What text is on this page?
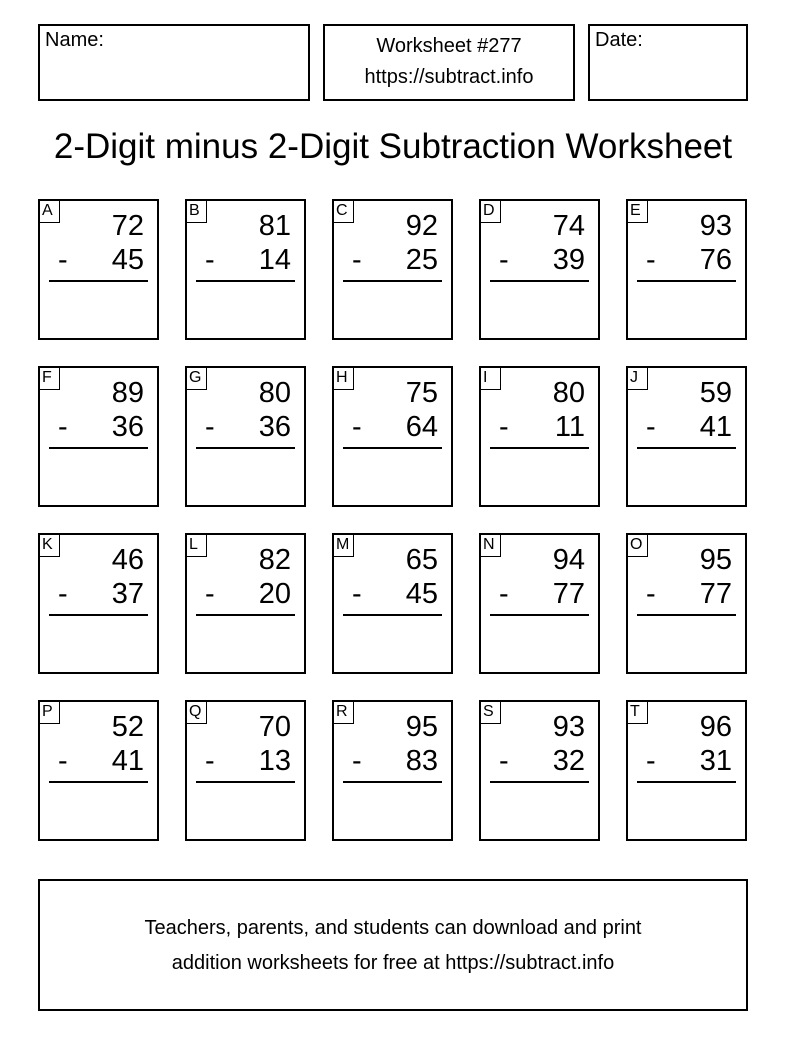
Name:	Worksheet #277
https://subtract.info
Date:
2-Digit minus 2-Digit Subtraction Worksheet
A 72
- 45
B 81
- 14
C 92
- 25
D 74
- 39
E 93
- 76
F 89
- 36
G 80
- 36
H 75
- 64
I	80
- 11
J	59
- 41
K 46
- 37
L	82
- 20
M 65
- 45
N 94
- 77
O 95
- 77
P 52
- 41
Q 70
- 13
R 95
- 83
S 93
- 32
T 96
- 31
Teachers, parents, and students can download and print
addition worksheets for free at https://subtract.info
